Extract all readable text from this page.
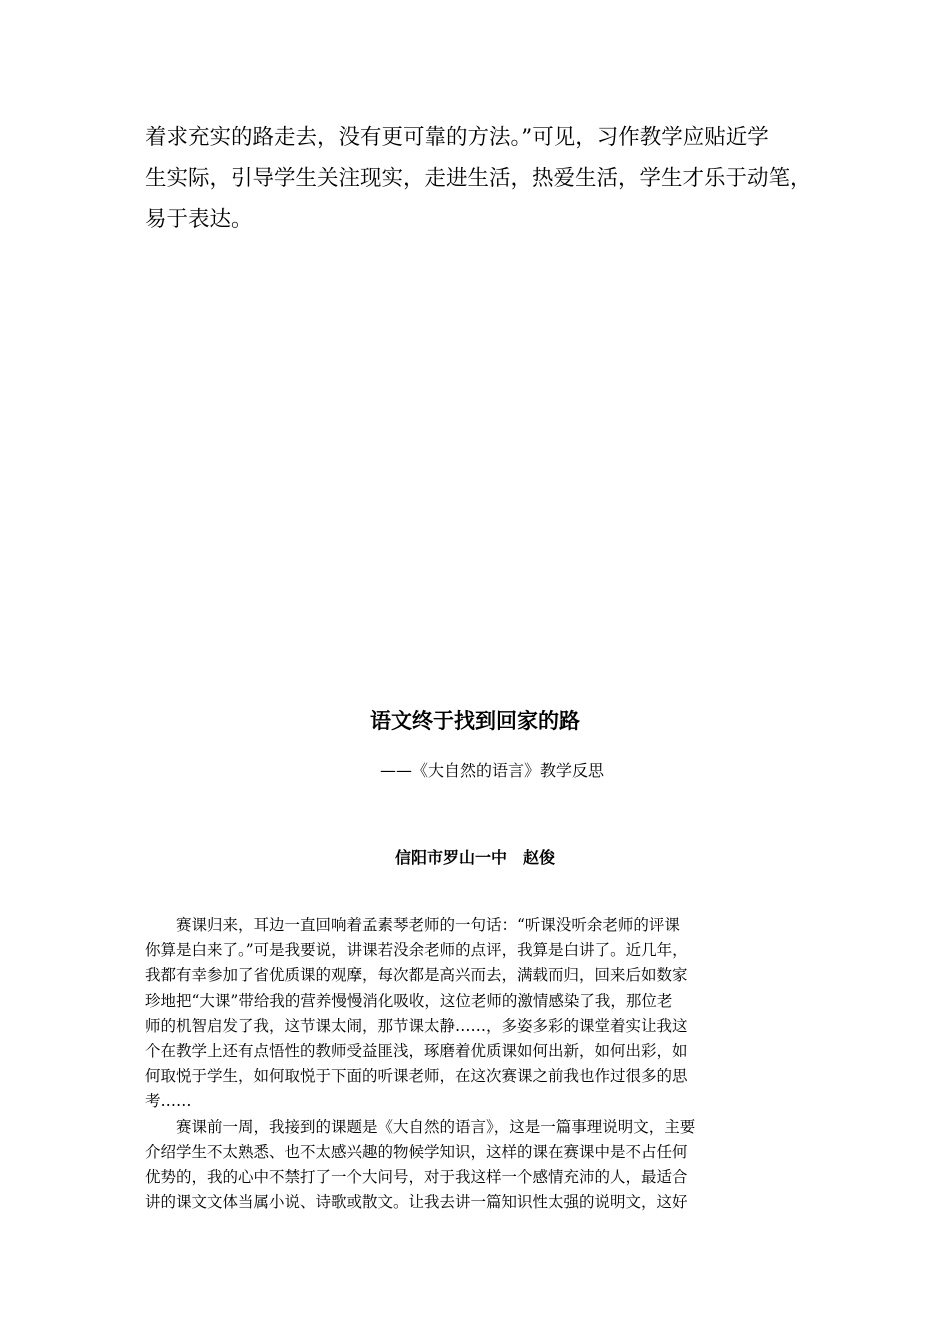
着求充实的路走去，没有更可靠的方法。”可见，习作教学应贴近学
生实际，引导学生关注现实，走进生活，热爱生活，学生才乐于动笔，
易于表达。
语文终于找到回家的路
——《大自然的语言》教学反思
信阳市罗山一中　赵俊
赛课归来，耳边一直回响着孟素琴老师的一句话：“听课没听余老师的评课
你算是白来了。”可是我要说，讲课若没余老师的点评，我算是白讲了。近几年，
我都有幸参加了省优质课的观摩，每次都是高兴而去，满载而归，回来后如数家
珍地把“大课”带给我的营养慢慢消化吸收，这位老师的激情感染了我，那位老
师的机智启发了我，这节课太闹，那节课太静……，多姿多彩的课堂着实让我这
个在教学上还有点悟性的教师受益匪浅，琢磨着优质课如何出新，如何出彩，如
何取悦于学生，如何取悦于下面的听课老师，在这次赛课之前我也作过很多的思
考……
赛课前一周，我接到的课题是《大自然的语言》，这是一篇事理说明文，主要
介绍学生不太熟悉、也不太感兴趣的物候学知识，这样的课在赛课中是不占任何
优势的，我的心中不禁打了一个大问号，对于我这样一个感情充沛的人，最适合
讲的课文文体当属小说、诗歌或散文。让我去讲一篇知识性太强的说明文，这好
